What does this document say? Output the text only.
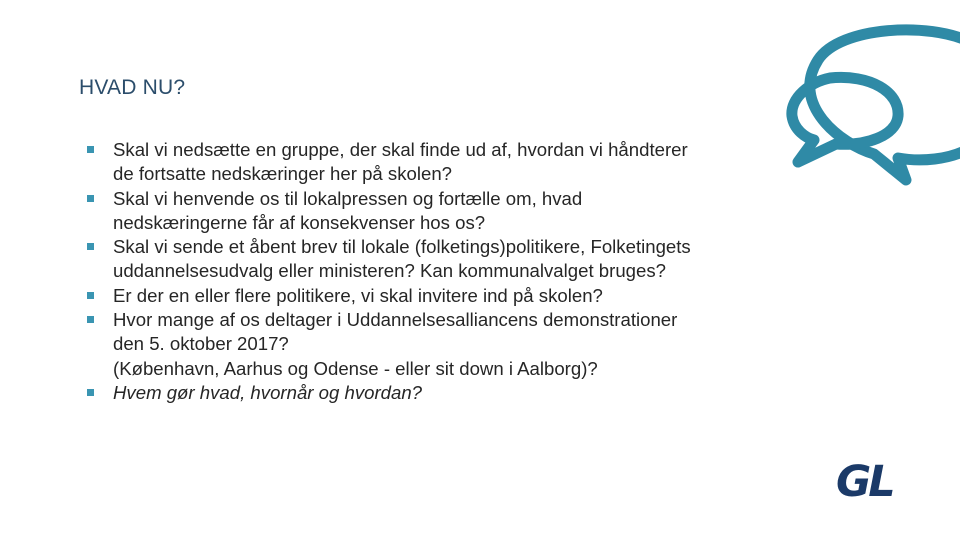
HVAD NU?
Skal vi nedsætte en gruppe, der skal finde ud af, hvordan vi håndterer
de fortsatte nedskæringer her på skolen?
Skal vi henvende os til lokalpressen og fortælle om, hvad
nedskæringerne får af konsekvenser hos os?
Skal vi sende et åbent brev til lokale (folketings)politikere, Folketingets
uddannelsesudvalg eller ministeren? Kan kommunalvalget bruges?
Er der en eller flere politikere, vi skal invitere ind på skolen?
Hvor mange af os deltager i Uddannelsesalliancens demonstrationer
den 5. oktober 2017?
(København, Aarhus og Odense - eller sit down i Aalborg)?
Hvem gør hvad, hvornår og hvordan?
GL
